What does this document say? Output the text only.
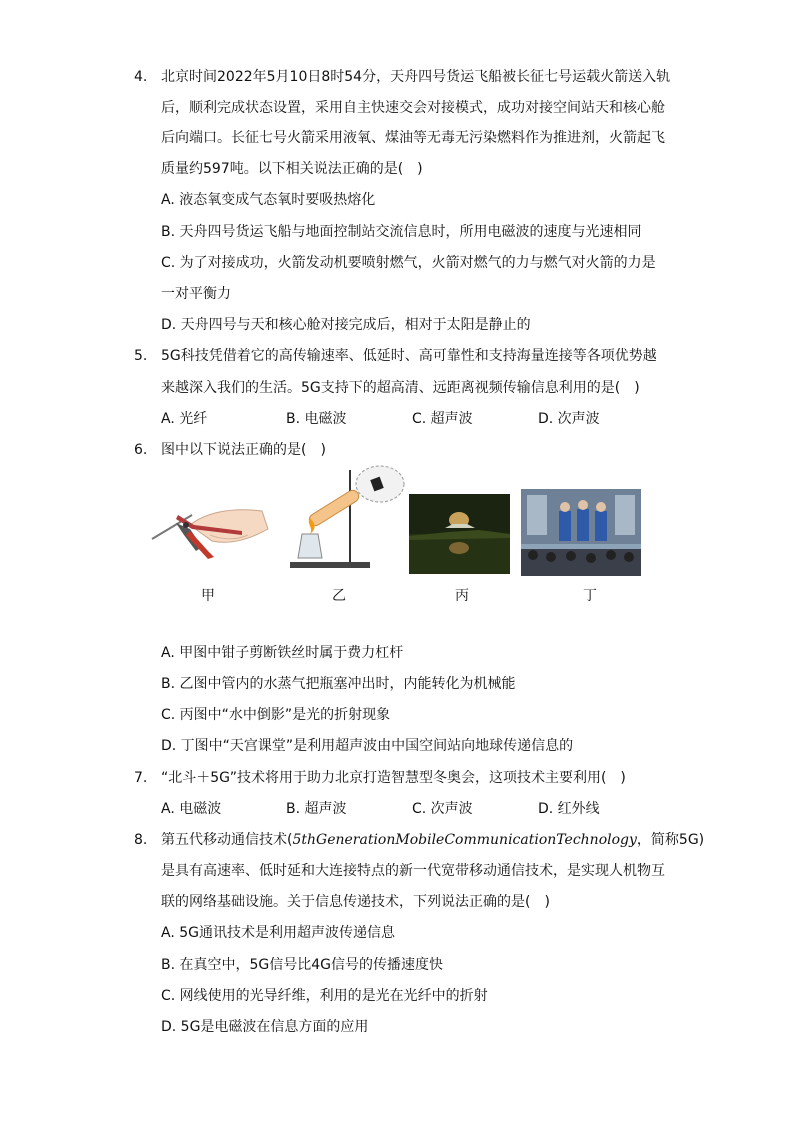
4. 北京时间2022年5月10日8时54分，天舟四号货运飞船被长征七号运载火箭送入轨
后，顺利完成状态设置，采用自主快速交会对接模式，成功对接空间站天和核心舱
后向端口。长征七号火箭采用液氧、煤油等无毒无污染燃料作为推进剂，火箭起飞
质量约597吨。以下相关说法正确的是(　)
A. 液态氧变成气态氧时要吸热熔化
B. 天舟四号货运飞船与地面控制站交流信息时，所用电磁波的速度与光速相同
C. 为了对接成功，火箭发动机要喷射燃气，火箭对燃气的力与燃气对火箭的力是
一对平衡力
D. 天舟四号与天和核心舱对接完成后，相对于太阳是静止的
5. 5G科技凭借着它的高传输速率、低延时、高可靠性和支持海量连接等各项优势越
来越深入我们的生活。5G支持下的超高清、远距离视频传输信息利用的是(　)
A. 光纤	B. 电磁波	C. 超声波	D. 次声波
6. 图中以下说法正确的是(　)
甲	乙	丙	丁
A. 甲图中钳子剪断铁丝时属于费力杠杆
B. 乙图中管内的水蒸气把瓶塞冲出时，内能转化为机械能
C. 丙图中“水中倒影”是光的折射现象
D. 丁图中“天宫课堂”是利用超声波由中国空间站向地球传递信息的
7. “北斗＋5G”技术将用于助力北京打造智慧型冬奥会，这项技术主要利用(　)
A. 电磁波	B. 超声波	C. 次声波	D. 红外线
8. 第五代移动通信技术(5thGenerationMobileCommunicationTechnology，简称5G)
是具有高速率、低时延和大连接特点的新一代宽带移动通信技术，是实现人机物互
联的网络基础设施。关于信息传递技术，下列说法正确的是(　)
A. 5G通讯技术是利用超声波传递信息
B. 在真空中，5G信号比4G信号的传播速度快
C. 网线使用的光导纤维，利用的是光在光纤中的折射
D. 5G是电磁波在信息方面的应用
